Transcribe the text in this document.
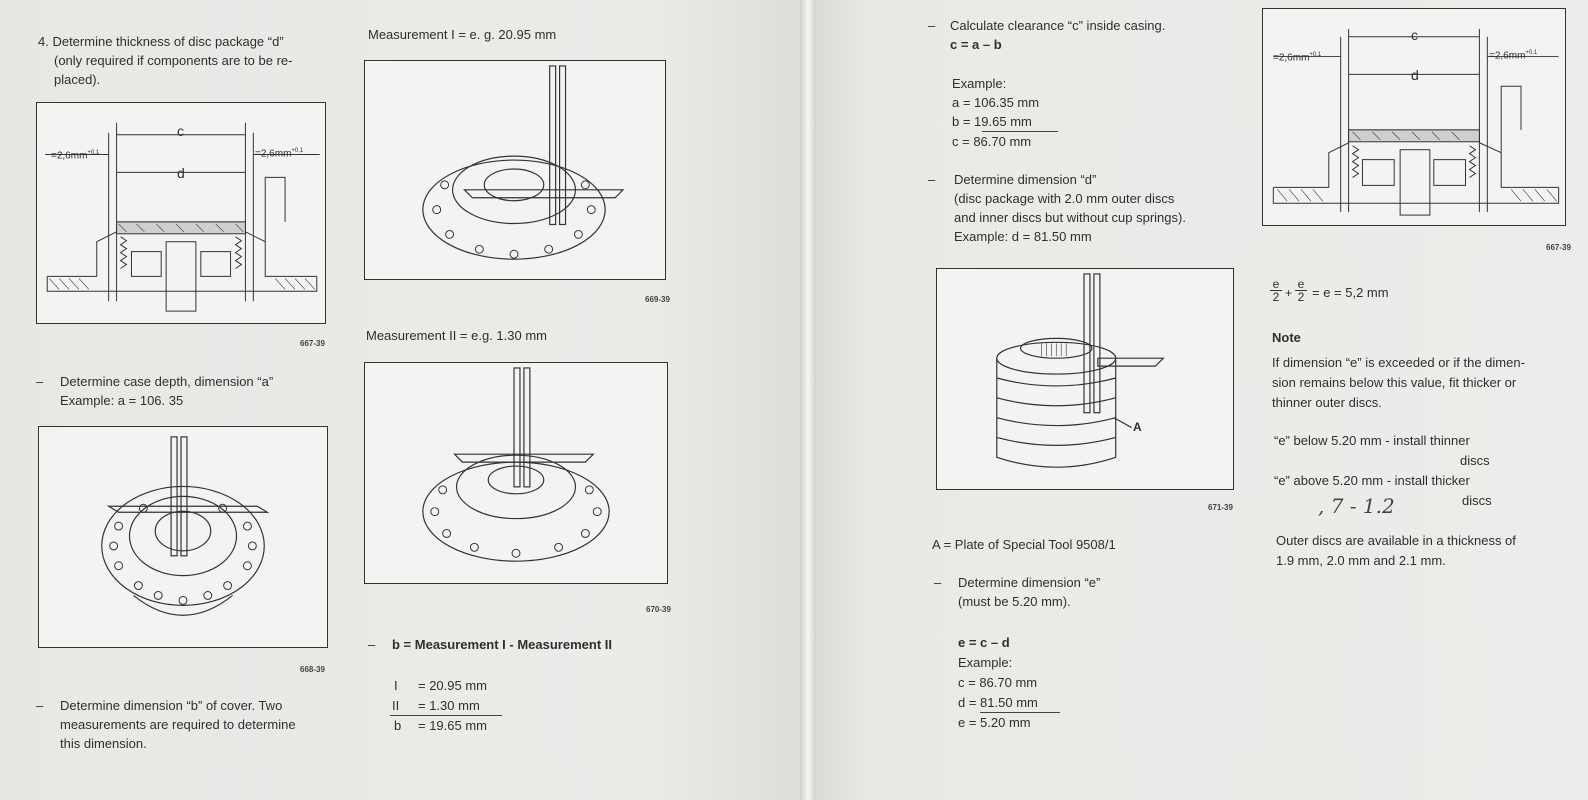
4. Determine thickness of disc package “d”
(only required if components are to be re-
placed).
c
d
$=2,6mm^{+0,1}$	$=2,6mm^{+0,1}$
667-39
– Determine case depth, dimension “a”
Example: a = 106. 35
668-39
– Determine dimension “b” of cover. Two
measurements are required to determine
this dimension.
Measurement I = e. g. 20.95 mm
669-39
Measurement II = e.g. 1.30 mm
670-39
– b = Measurement I - Measurement II
I	= 20.95 mm
II	= 1.30 mm
b	= 19.65 mm
– Calculate clearance “c” inside casing.
c = a – b
Example:
a = 106.35 mm
b = 19.65 mm
c = 86.70 mm
– Determine dimension “d”
(disc package with 2.0 mm outer discs
and inner discs but without cup springs).
Example: d = 81.50 mm
A
671-39
A = Plate of Special Tool 9508/1
– Determine dimension “e”
(must be 5.20 mm).
e = c – d
Example:
c = 86.70 mm
d = 81.50 mm
e = 5.20 mm
c
d
$=2,6mm^{+0,1}$	$=2,6mm^{+0,1}$
667-39
$\frac{e}{2} + \frac{e}{2} = e = 5,2$ mm
Note
If dimension “e” is exceeded or if the dimen-
sion remains below this value, fit thicker or
thinner outer discs.
“e” below 5.20 mm - install thinner
discs
“e” above 5.20 mm - install thicker
discs
, 7 - 1.2
Outer discs are available in a thickness of
1.9 mm, 2.0 mm and 2.1 mm.
